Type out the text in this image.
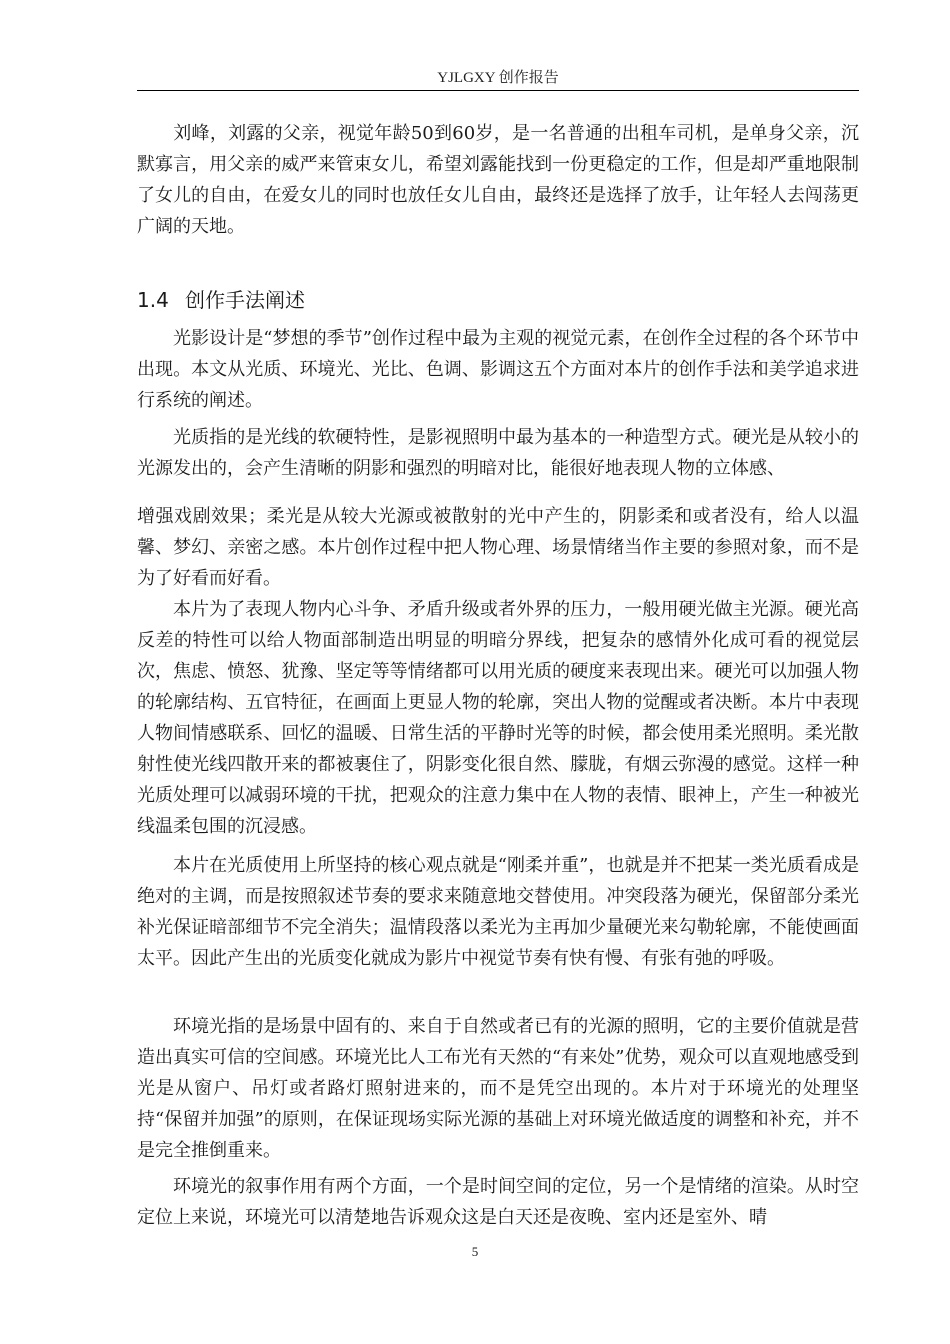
YJLGXY 创作报告

刘峰，刘露的父亲，视觉年龄50到60岁，是一名普通的出租车司机，是单身父亲，沉默寡言，用父亲的威严来管束女儿，希望刘露能找到一份更稳定的工作，但是却严重地限制了女儿的自由，在爱女儿的同时也放任女儿自由，最终还是选择了放手，让年轻人去闯荡更广阔的天地。

1.4 创作手法阐述

光影设计是“梦想的季节”创作过程中最为主观的视觉元素，在创作全过程的各个环节中出现。本文从光质、环境光、光比、色调、影调这五个方面对本片的创作手法和美学追求进行系统的阐述。

光质指的是光线的软硬特性，是影视照明中最为基本的一种造型方式。硬光是从较小的光源发出的，会产生清晰的阴影和强烈的明暗对比，能很好地表现人物的立体感、

增强戏剧效果；柔光是从较大光源或被散射的光中产生的，阴影柔和或者没有，给人以温馨、梦幻、亲密之感。本片创作过程中把人物心理、场景情绪当作主要的参照对象，而不是为了好看而好看。

本片为了表现人物内心斗争、矛盾升级或者外界的压力，一般用硬光做主光源。硬光高反差的特性可以给人物面部制造出明显的明暗分界线，把复杂的感情外化成可看的视觉层次，焦虑、愤怒、犹豫、坚定等等情绪都可以用光质的硬度来表现出来。硬光可以加强人物的轮廓结构、五官特征，在画面上更显人物的轮廓，突出人物的觉醒或者决断。本片中表现人物间情感联系、回忆的温暖、日常生活的平静时光等的时候，都会使用柔光照明。柔光散射性使光线四散开来的都被裹住了，阴影变化很自然、朦胧，有烟云弥漫的感觉。这样一种光质处理可以减弱环境的干扰，把观众的注意力集中在人物的表情、眼神上，产生一种被光线温柔包围的沉浸感。

本片在光质使用上所坚持的核心观点就是“刚柔并重”，也就是并不把某一类光质看成是绝对的主调，而是按照叙述节奏的要求来随意地交替使用。冲突段落为硬光，保留部分柔光补光保证暗部细节不完全消失；温情段落以柔光为主再加少量硬光来勾勒轮廓，不能使画面太平。因此产生出的光质变化就成为影片中视觉节奏有快有慢、有张有弛的呼吸。

环境光指的是场景中固有的、来自于自然或者已有的光源的照明，它的主要价值就是营造出真实可信的空间感。环境光比人工布光有天然的“有来处”优势，观众可以直观地感受到光是从窗户、吊灯或者路灯照射进来的，而不是凭空出现的。本片对于环境光的处理坚持“保留并加强”的原则，在保证现场实际光源的基础上对环境光做适度的调整和补充，并不是完全推倒重来。

环境光的叙事作用有两个方面，一个是时间空间的定位，另一个是情绪的渲染。从时空定位上来说，环境光可以清楚地告诉观众这是白天还是夜晚、室内还是室外、晴

5
